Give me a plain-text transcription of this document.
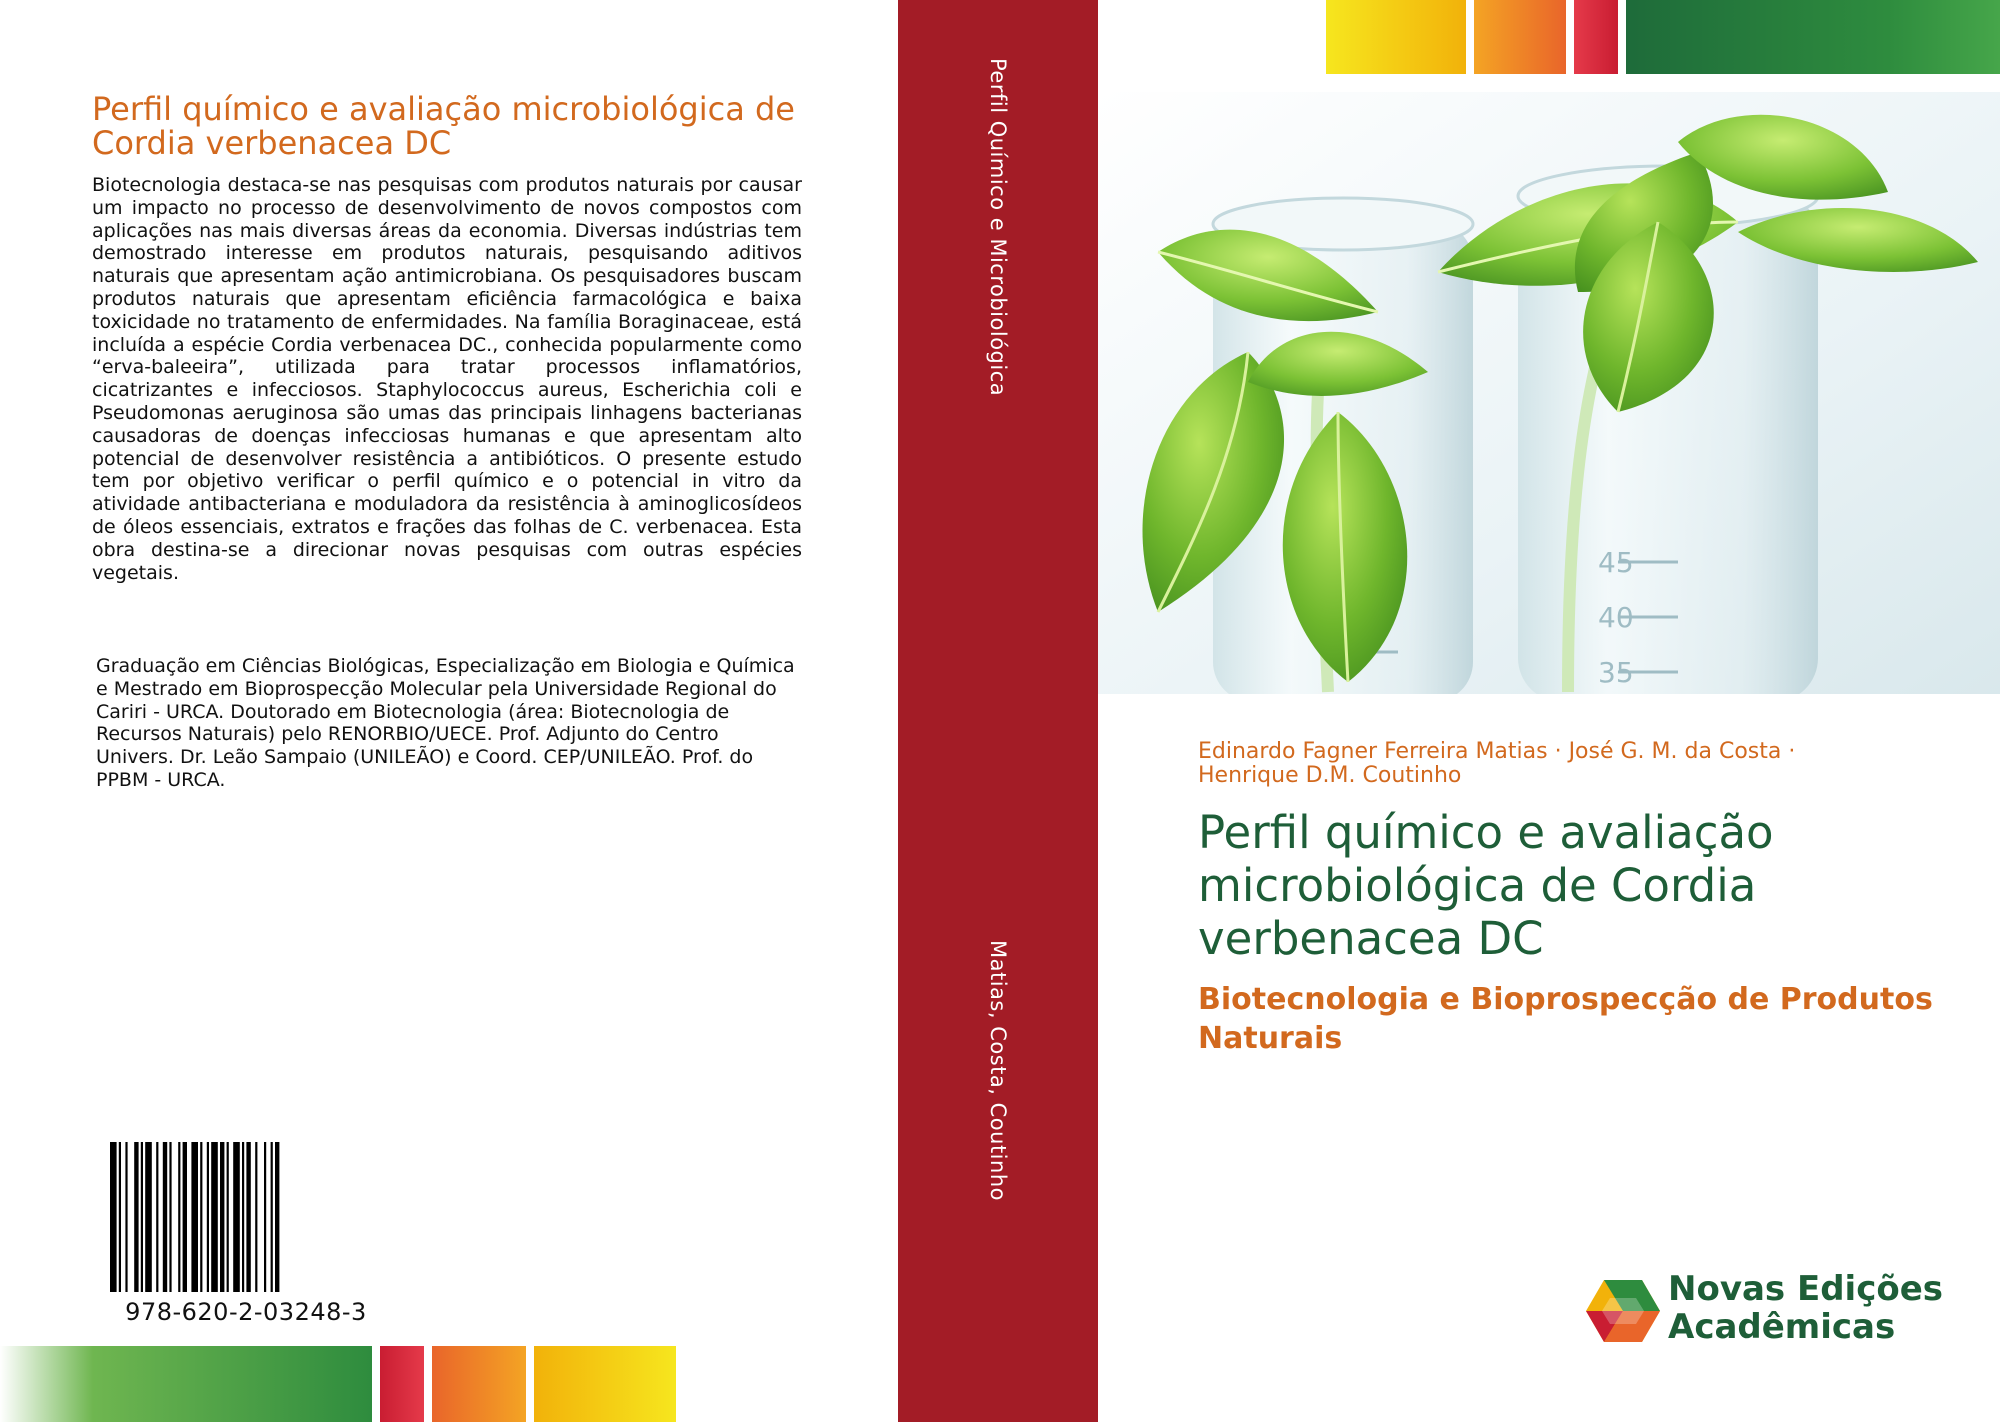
Perfil químico e avaliação microbiológica de Cordia verbenacea DC

Biotecnologia destaca-se nas pesquisas com produtos naturais por causar um impacto no processo de desenvolvimento de novos compostos com aplicações nas mais diversas áreas da economia. Diversas indústrias tem demostrado interesse em produtos naturais, pesquisando aditivos naturais que apresentam ação antimicrobiana. Os pesquisadores buscam produtos naturais que apresentam eficiência farmacológica e baixa toxicidade no tratamento de enfermidades. Na família Boraginaceae, está incluída a espécie Cordia verbenacea DC., conhecida popularmente como “erva-baleeira”, utilizada para tratar processos inflamatórios, cicatrizantes e infecciosos. Staphylococcus aureus, Escherichia coli e Pseudomonas aeruginosa são umas das principais linhagens bacterianas causadoras de doenças infecciosas humanas e que apresentam alto potencial de desenvolver resistência a antibióticos. O presente estudo tem por objetivo verificar o perfil químico e o potencial in vitro da atividade antibacteriana e moduladora da resistência à aminoglicosídeos de óleos essenciais, extratos e frações das folhas de C. verbenacea. Esta obra destina-se a direcionar novas pesquisas com outras espécies vegetais.

Graduação em Ciências Biológicas, Especialização em Biologia e Química e Mestrado em Bioprospecção Molecular pela Universidade Regional do Cariri - URCA. Doutorado em Biotecnologia (área: Biotecnologia de Recursos Naturais) pelo RENORBIO/UECE. Prof. Adjunto do Centro Univers. Dr. Leão Sampaio (UNILEÃO) e Coord. CEP/UNILEÃO. Prof. do PPBM - URCA.

978-620-2-03248-3
Perfil Químico e Microbiológica
Matias, Costa, Coutinho
45
40
35
Edinardo Fagner Ferreira Matias · José G. M. da Costa ·
Henrique D.M. Coutinho
Perfil químico e avaliação microbiológica de Cordia verbenacea DC
Biotecnologia e Bioprospecção de Produtos Naturais
Novas Edições
Acadêmicas
